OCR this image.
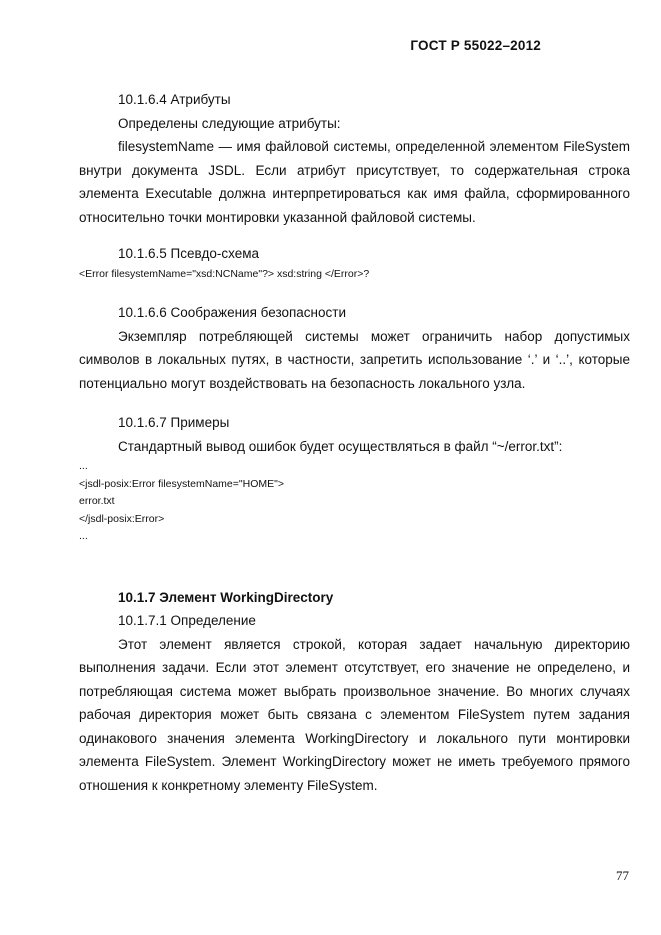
ГОСТ Р 55022–2012
10.1.6.4 Атрибуты
Определены следующие атрибуты:
filesystemName — имя файловой системы, определенной элементом FileSystem
внутри документа JSDL. Если атрибут присутствует, то содержательная строка
элемента Executable должна интерпретироваться как имя файла, сформированного
относительно точки монтировки указанной файловой системы.
10.1.6.5 Псевдо-схема
<Error filesystemName="xsd:NCName"?> xsd:string </Error>?
10.1.6.6 Соображения безопасности
Экземпляр потребляющей системы может ограничить набор допустимых
символов в локальных путях, в частности, запретить использование ‘.’ и ‘..’, которые
потенциально могут воздействовать на безопасность локального узла.
10.1.6.7 Примеры
Стандартный вывод ошибок будет осуществляться в файл “~/error.txt”:
...
<jsdl-posix:Error filesystemName="HOME">
error.txt
</jsdl-posix:Error>
...
10.1.7 Элемент WorkingDirectory
10.1.7.1 Определение
Этот элемент является строкой, которая задает начальную директорию
выполнения задачи. Если этот элемент отсутствует, его значение не определено, и
потребляющая система может выбрать произвольное значение. Во многих случаях
рабочая директория может быть связана с элементом FileSystem путем задания
одинакового значения элемента WorkingDirectory и локального пути монтировки
элемента FileSystem. Элемент WorkingDirectory может не иметь требуемого прямого
отношения к конкретному элементу FileSystem.
77
